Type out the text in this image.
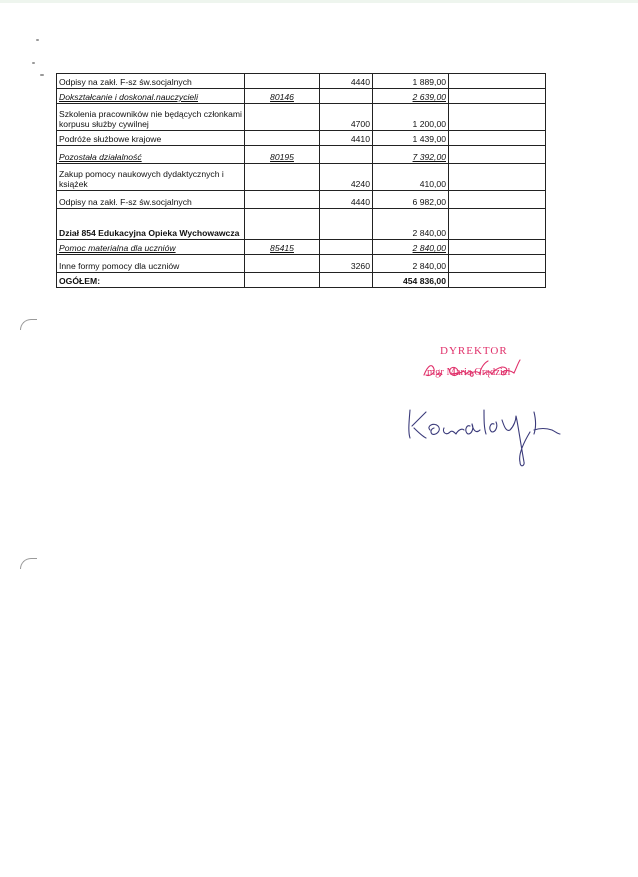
Odpisy na zakł. F-sz św.socjalnych		4440	1 889,00	
Dokształcanie i doskonal.nauczycieli	80146		2 639,00	
Szkolenia pracowników nie będących członkami korpusu służby cywilnej		4700	1 200,00	
Podróże służbowe krajowe		4410	1 439,00	
Pozostała działalność	80195		7 392,00	
Zakup pomocy naukowych dydaktycznych i książek		4240	410,00	
Odpisy na zakł. F-sz św.socjalnych		4440	6 982,00	
Dział 854 Edukacyjna Opieka Wychowawcza			2 840,00	
Pomoc materialna dla uczniów	85415		2 840,00	
Inne formy pomocy dla uczniów		3260	2 840,00	
OGÓŁEM:			454 836,00	
DYREKTOR
mgr Maria Grądziel
